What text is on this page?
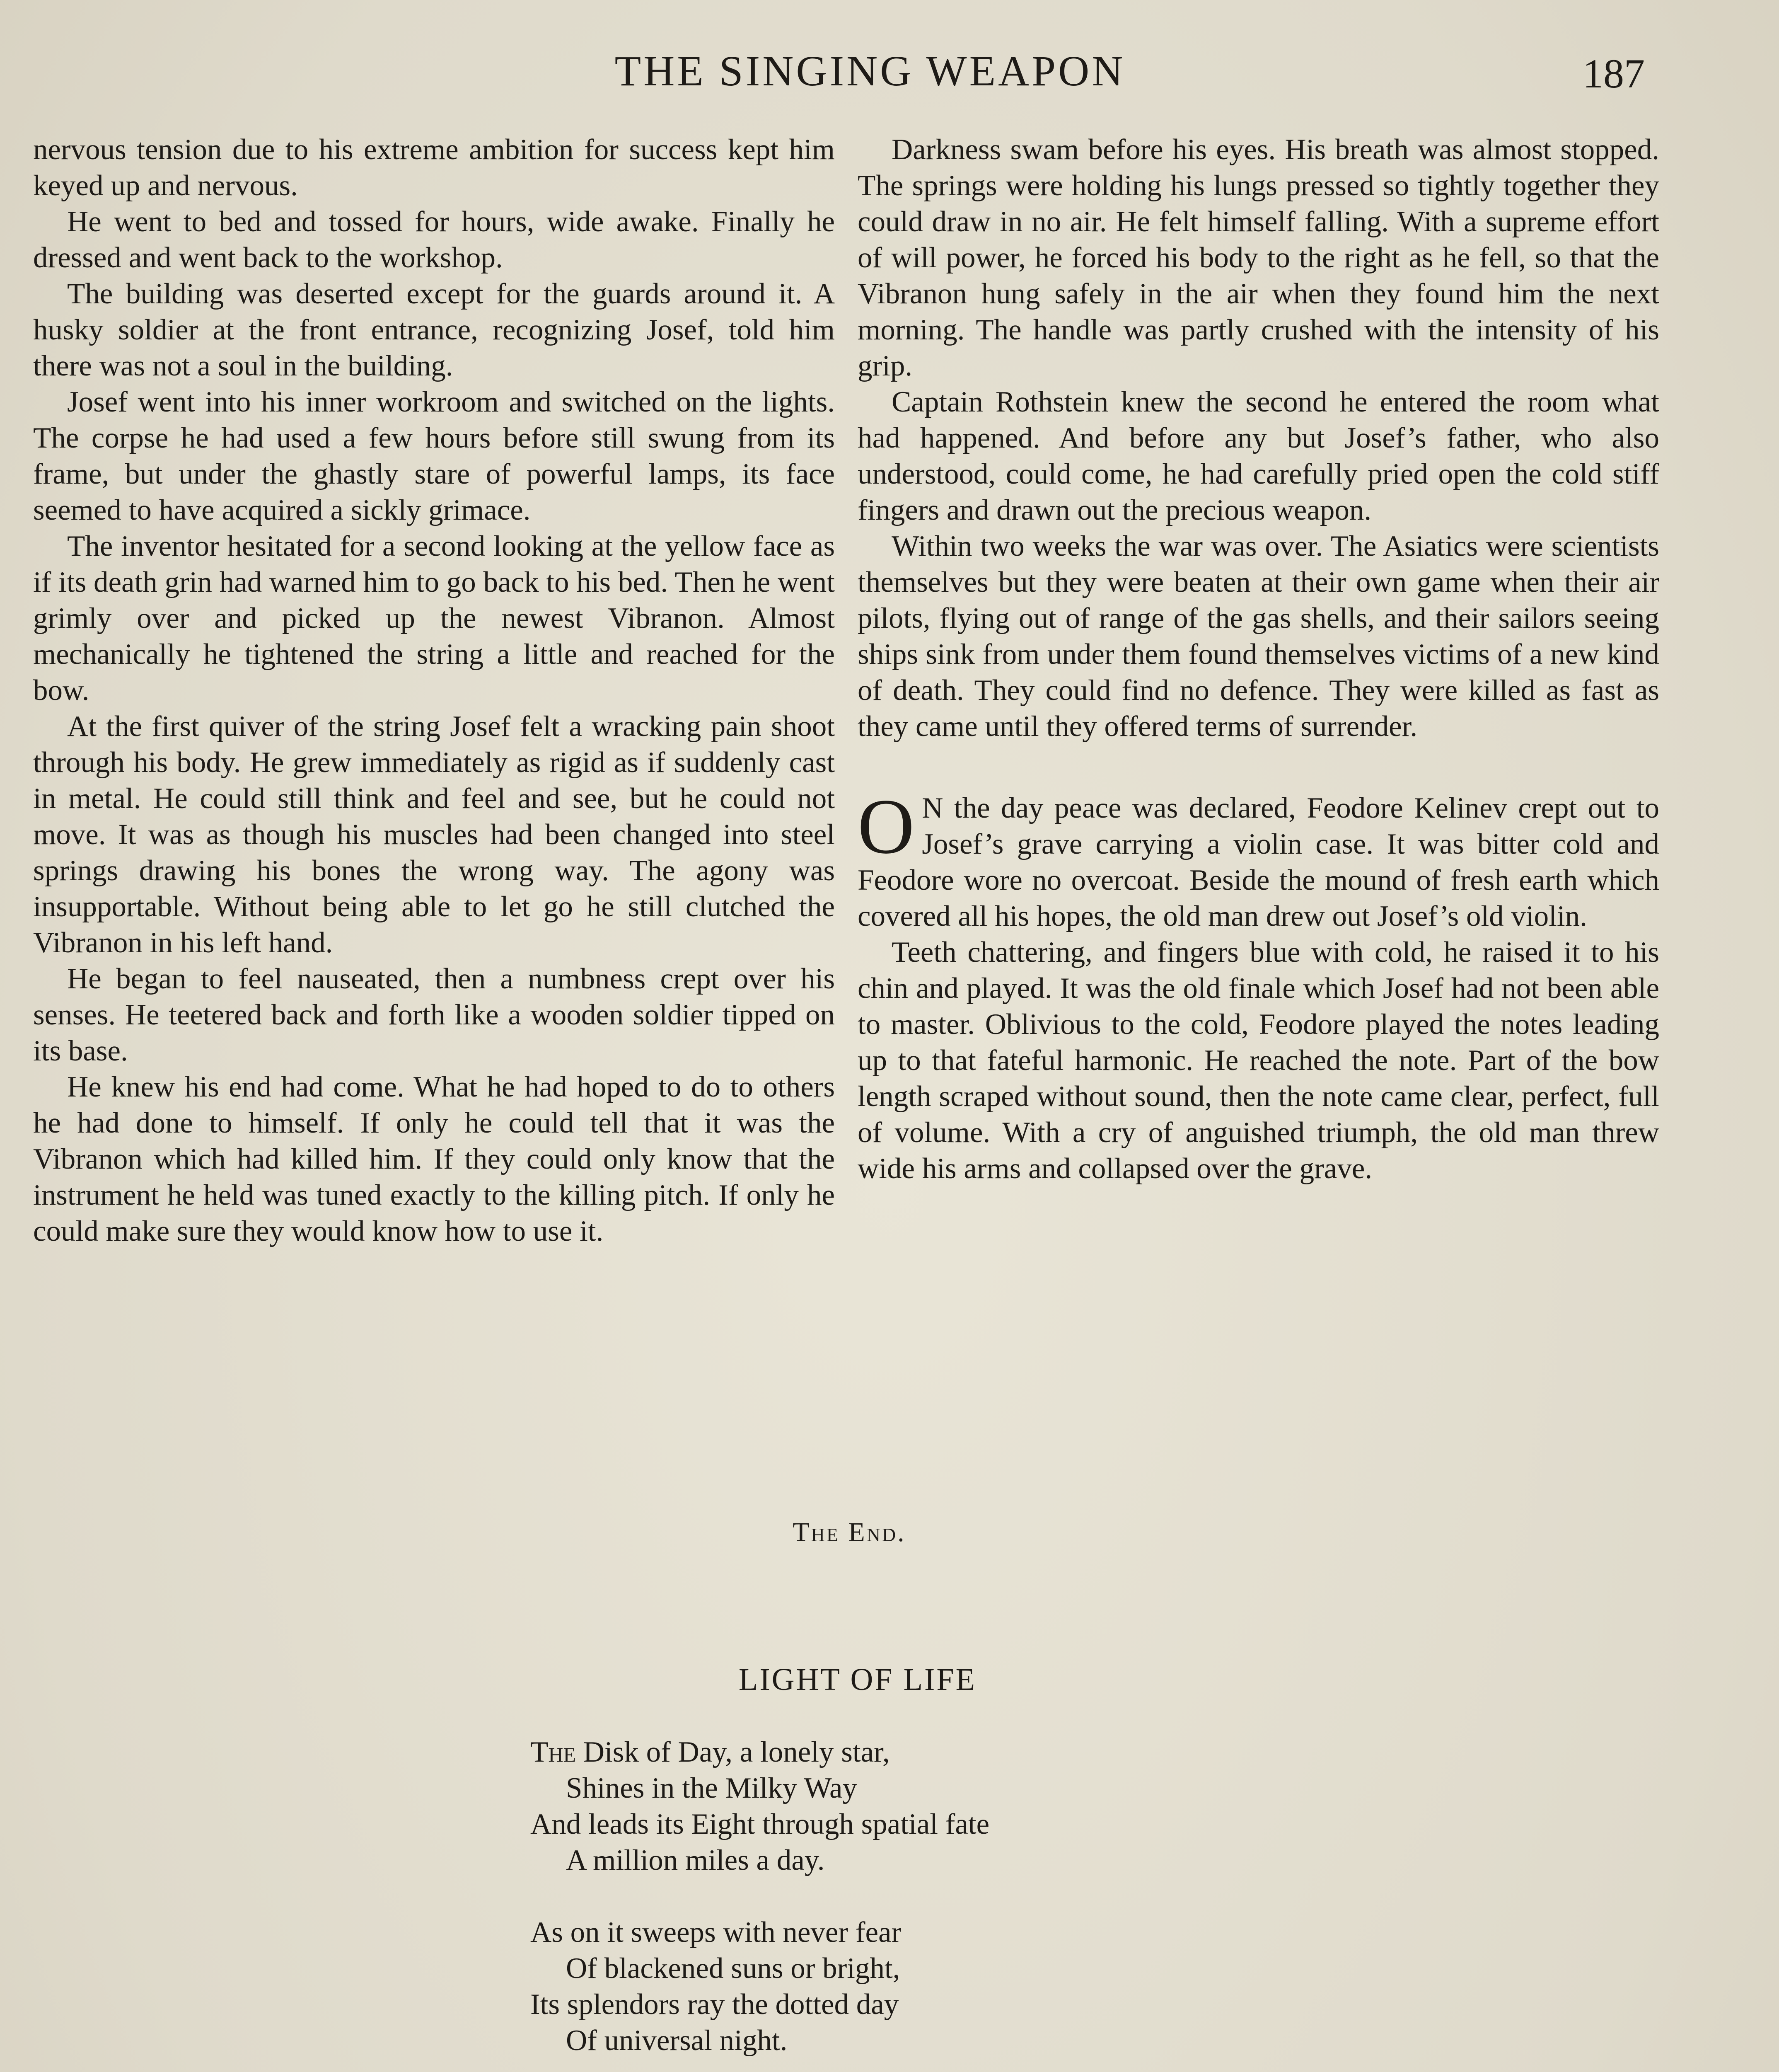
THE SINGING WEAPON	187

nervous tension due to his extreme ambition for success kept him keyed up and nervous.

He went to bed and tossed for hours, wide awake. Finally he dressed and went back to the workshop.

The building was deserted except for the guards around it. A husky soldier at the front entrance, recognizing Josef, told him there was not a soul in the building.

Josef went into his inner workroom and switched on the lights. The corpse he had used a few hours before still swung from its frame, but under the ghastly stare of powerful lamps, its face seemed to have acquired a sickly grimace.

The inventor hesitated for a second looking at the yellow face as if its death grin had warned him to go back to his bed. Then he went grimly over and picked up the newest Vibranon. Almost mechanically he tightened the string a little and reached for the bow.

At the first quiver of the string Josef felt a wracking pain shoot through his body. He grew immediately as rigid as if suddenly cast in metal. He could still think and feel and see, but he could not move. It was as though his muscles had been changed into steel springs drawing his bones the wrong way. The agony was insupportable. Without being able to let go he still clutched the Vibranon in his left hand.

He began to feel nauseated, then a numbness crept over his senses. He teetered back and forth like a wooden soldier tipped on its base.

He knew his end had come. What he had hoped to do to others he had done to himself. If only he could tell that it was the Vibranon which had killed him. If they could only know that the instrument he held was tuned exactly to the killing pitch. If only he could make sure they would know how to use it.

Darkness swam before his eyes. His breath was almost stopped. The springs were holding his lungs pressed so tightly together they could draw in no air. He felt himself falling. With a supreme effort of will power, he forced his body to the right as he fell, so that the Vibranon hung safely in the air when they found him the next morning. The handle was partly crushed with the intensity of his grip.

Captain Rothstein knew the second he entered the room what had happened. And before any but Josef’s father, who also understood, could come, he had carefully pried open the cold stiff fingers and drawn out the precious weapon.

Within two weeks the war was over. The Asiatics were scientists themselves but they were beaten at their own game when their air pilots, flying out of range of the gas shells, and their sailors seeing ships sink from under them found themselves victims of a new kind of death. They could find no defence. They were killed as fast as they came until they offered terms of surrender.

O N the day peace was declared, Feodore Kelinev crept out to Josef’s grave carrying a violin case. It was bitter cold and Feodore wore no overcoat. Beside the mound of fresh earth which covered all his hopes, the old man drew out Josef’s old violin.

Teeth chattering, and fingers blue with cold, he raised it to his chin and played. It was the old finale which Josef had not been able to master. Oblivious to the cold, Feodore played the notes leading up to that fateful harmonic. He reached the note. Part of the bow length scraped without sound, then the note came clear, perfect, full of volume. With a cry of anguished triumph, the old man threw wide his arms and collapsed over the grave.

The End.
LIGHT OF LIFE
The Disk of Day, a lonely star,
Shines in the Milky Way
And leads its Eight through spatial fate
A million miles a day.
As on it sweeps with never fear
Of blackened suns or bright,
Its splendors ray the dotted day
Of universal night.
